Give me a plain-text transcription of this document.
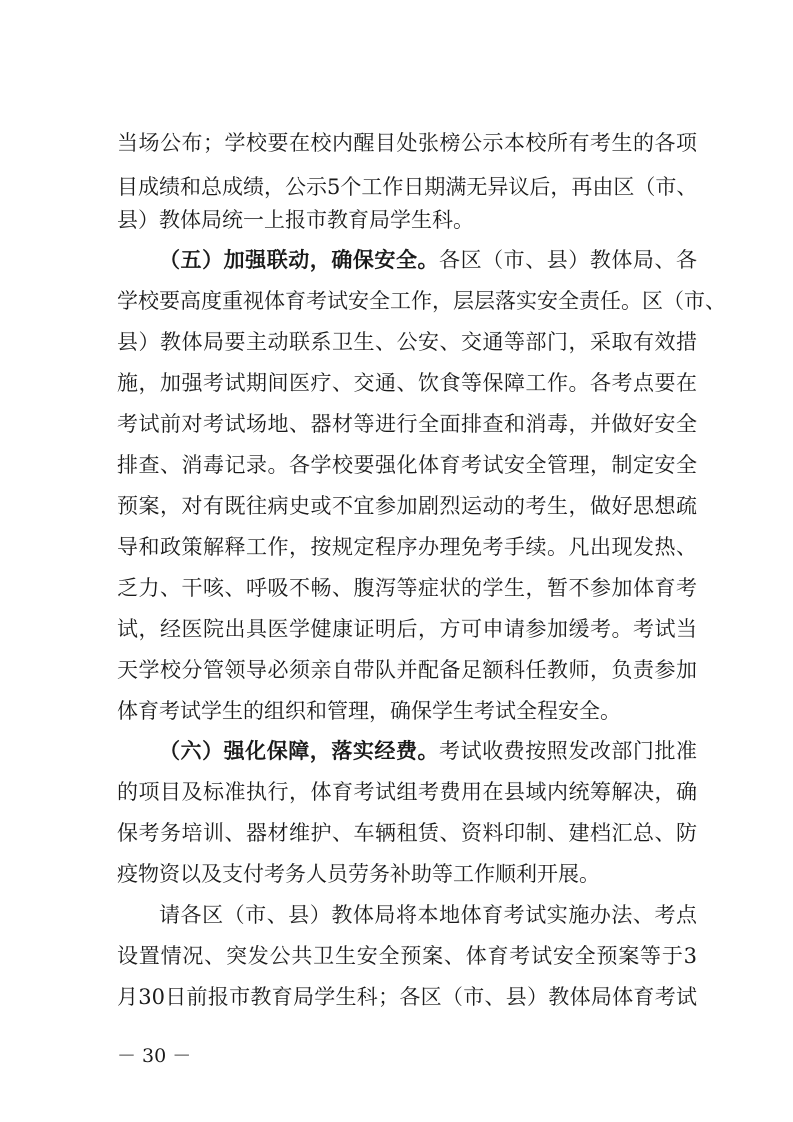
当场公布；学校要在校内醒目处张榜公示本校所有考生的各项
目成绩和总成绩，公示5个工作日期满无异议后，再由区（市、
县）教体局统一上报市教育局学生科。
（五）加强联动，确保安全。各区（市、县）教体局、各
学校要高度重视体育考试安全工作，层层落实安全责任。区（市、
县）教体局要主动联系卫生、公安、交通等部门，采取有效措
施，加强考试期间医疗、交通、饮食等保障工作。各考点要在
考试前对考试场地、器材等进行全面排查和消毒，并做好安全
排查、消毒记录。各学校要强化体育考试安全管理，制定安全
预案，对有既往病史或不宜参加剧烈运动的考生，做好思想疏
导和政策解释工作，按规定程序办理免考手续。凡出现发热、
乏力、干咳、呼吸不畅、腹泻等症状的学生，暂不参加体育考
试，经医院出具医学健康证明后，方可申请参加缓考。考试当
天学校分管领导必须亲自带队并配备足额科任教师，负责参加
体育考试学生的组织和管理，确保学生考试全程安全。
（六）强化保障，落实经费。考试收费按照发改部门批准
的项目及标准执行，体育考试组考费用在县域内统筹解决，确
保考务培训、器材维护、车辆租赁、资料印制、建档汇总、防
疫物资以及支付考务人员劳务补助等工作顺利开展。
请各区（市、县）教体局将本地体育考试实施办法、考点
设置情况、突发公共卫生安全预案、体育考试安全预案等于3
月30日前报市教育局学生科；各区（市、县）教体局体育考试
－ 30 －
